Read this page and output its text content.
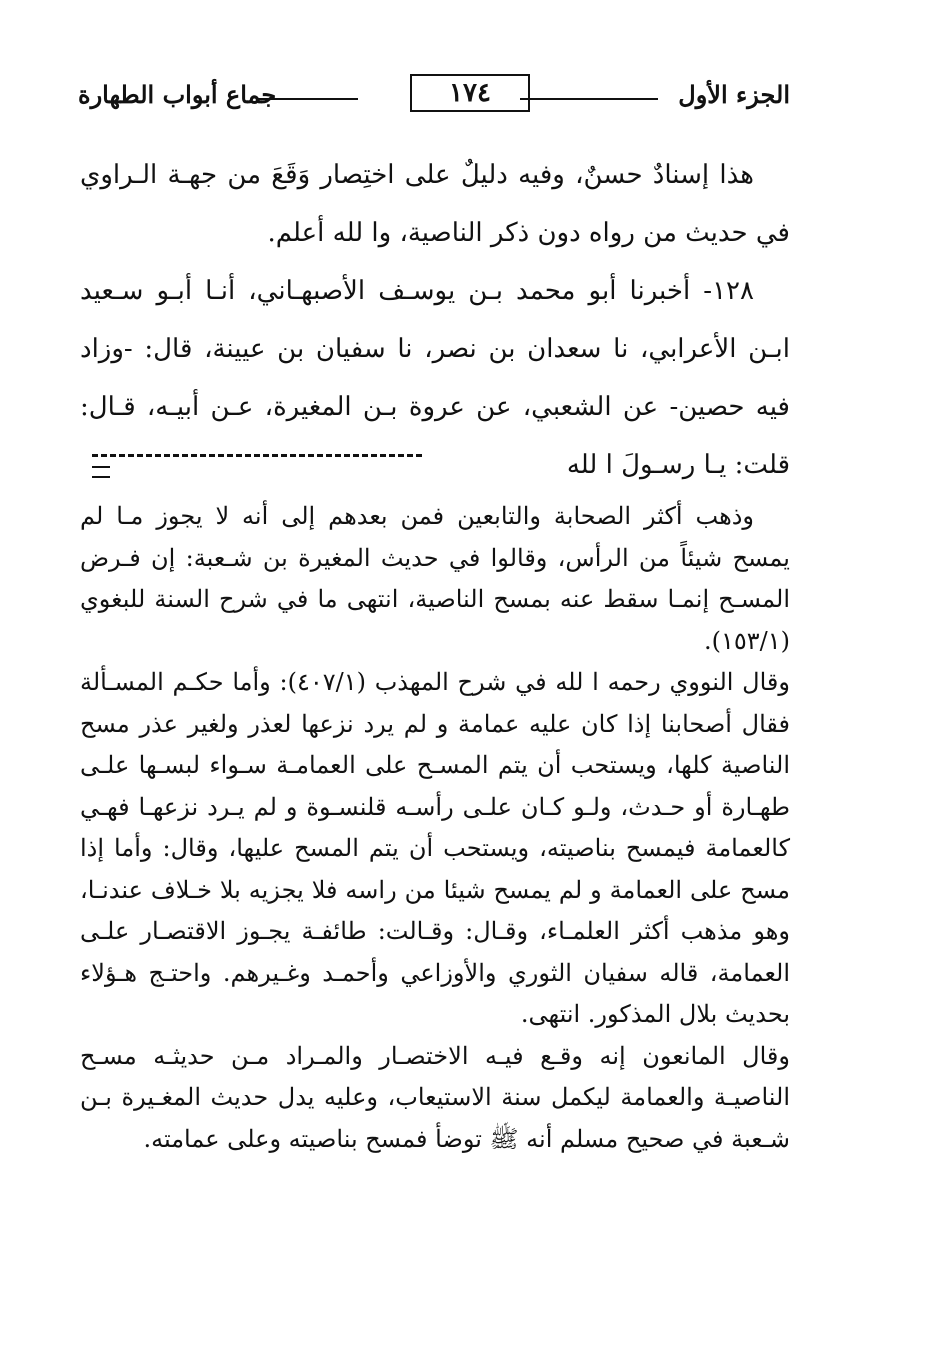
الجزء الأول
١٧٤
جماع أبواب الطهارة

هذا إسنادٌ حسنٌ، وفيه دليلٌ على اختِصار وَقَعَ من جهـة الـراوي في حديث من رواه دون ذكر الناصية، وا لله أعلم.

١٢٨- أخبرنا أبو محمد بـن يوسـف الأصبهـاني، أنـا أبـو سـعيد ابـن الأعرابي، نا سعدان بن نصر، نا سفيان بن عيينة، قال: -وزاد فيه حصين- عن الشعبي، عن عروة بـن المغيرة، عـن أبيـه، قـال: قلت: يـا رسـولَ ا لله

وذهب أكثر الصحابة والتابعين فمن بعدهم إلى أنه لا يجوز مـا لم يمسح شيئاً من الرأس، وقالوا في حديث المغيرة بن شـعبة: إن فـرض المسـح إنمـا سقط عنه بمسح الناصية، انتهى ما في شرح السنة للبغوي (١٥٣/١).

وقال النووي رحمه ا لله في شرح المهذب (٤٠٧/١): وأما حكـم المسـألة فقال أصحابنا إذا كان عليه عمامة و لم يرد نزعها لعذر ولغير عذر مسح الناصية كلها، ويستحب أن يتم المسـح على العمامـة سـواء لبسـها علـى طهـارة أو حـدث، ولـو كـان علـى رأسـه قلنسـوة و لم يـرد نزعهـا فهـي كالعمامة فيمسح بناصيته، ويستحب أن يتم المسح عليها، وقال: وأما إذا مسح على العمامة و لم يمسح شيئا من راسه فلا يجزيه بلا خـلاف عندنـا، وهو مذهب أكثر العلمـاء، وقـال: وقـالت: طائفـة يجـوز الاقتصـار علـى العمامة، قاله سفيان الثوري والأوزاعي وأحمـد وغـيرهم. واحتـج هـؤلاء بحديث بلال المذكور. انتهى.

وقال المانعون إنه وقـع فيـه الاختصـار والمـراد مـن حديثـه مسـح الناصيـة والعمامة ليكمل سنة الاستيعاب، وعليه يدل حديث المغـيرة بـن شـعبة في صحيح مسلم أنه ﷺ توضأ فمسح بناصيته وعلى عمامته.
